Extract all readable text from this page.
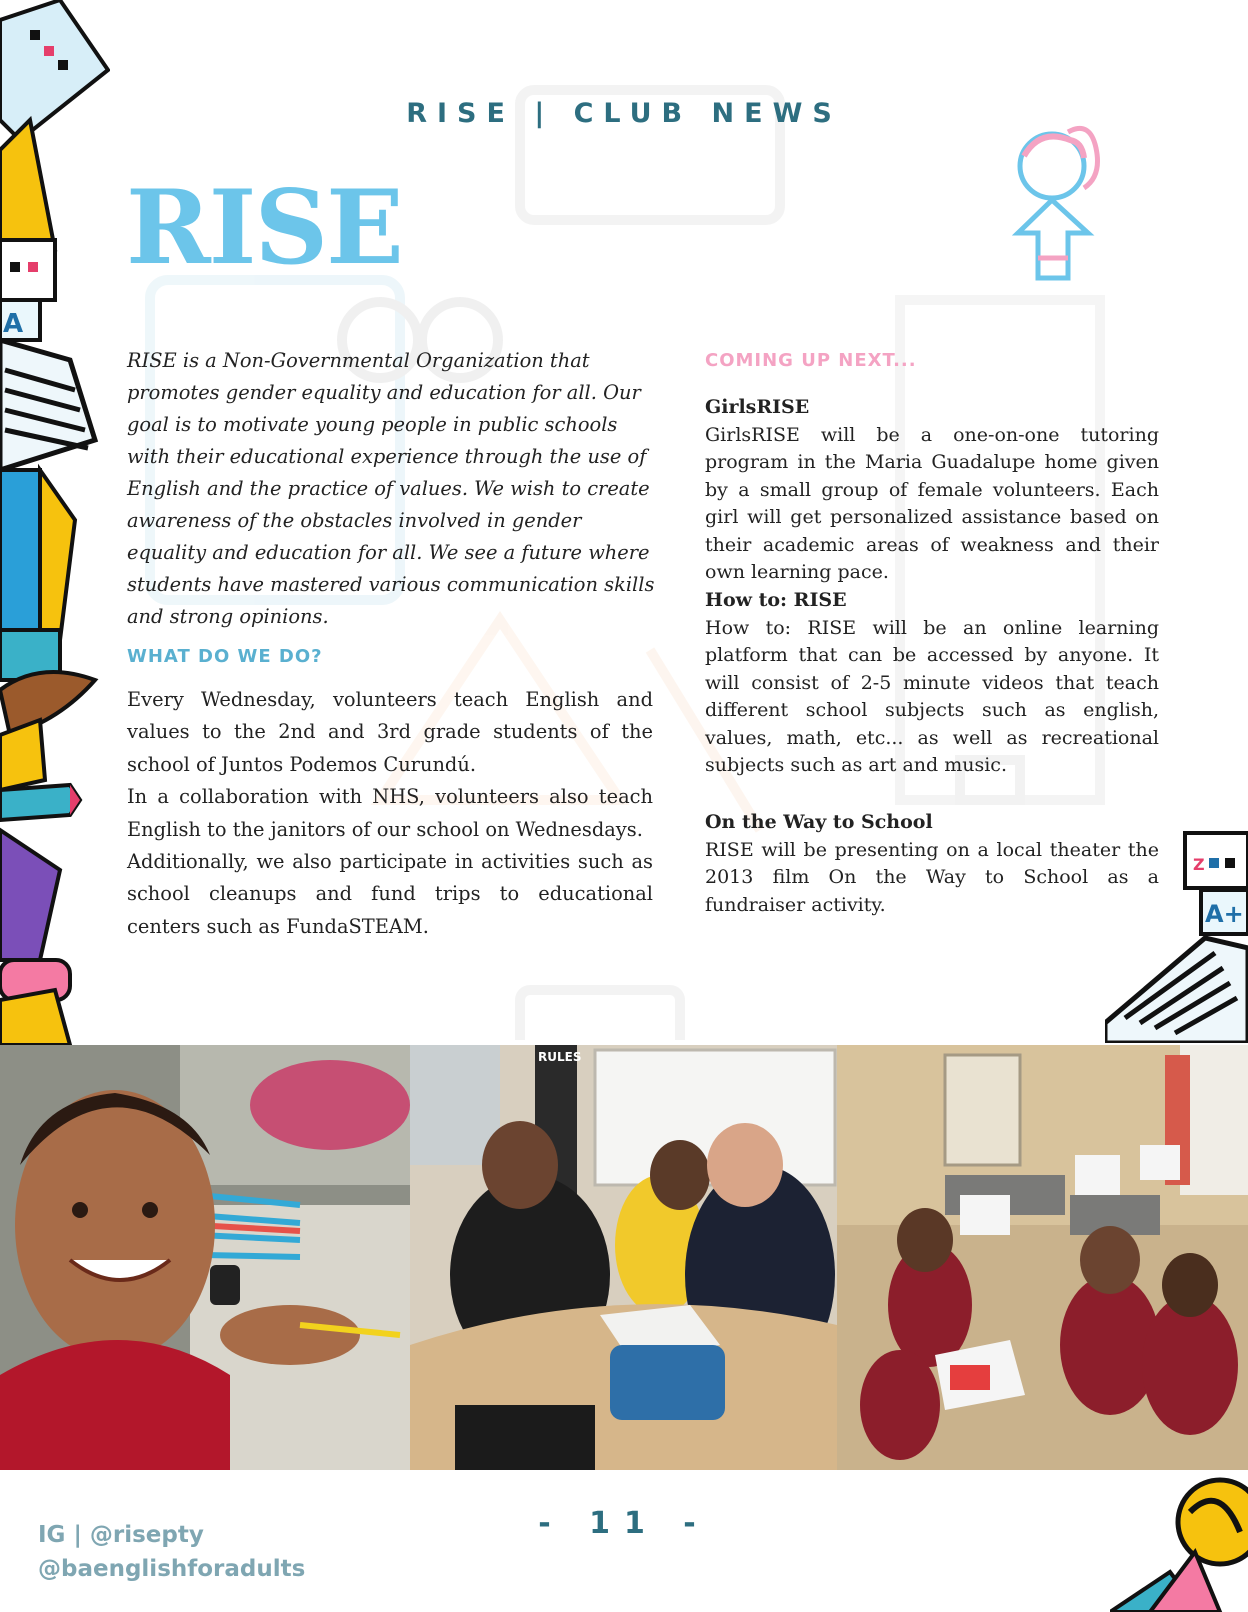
A
Z
A+
RISE | CLUB NEWS
RISE
RISE is a Non-Governmental Organization that promotes gender equality and education for all. Our goal is to motivate young people in public schools with their educational experience through the use of English and the practice of values. We wish to create awareness of the obstacles involved in gender equality and education for all. We see a future where students have mastered various communication skills and strong opinions.
WHAT DO WE DO?

Every Wednesday, volunteers teach English and values to the 2nd and 3rd grade students of the school of Juntos Podemos Curundú.

In a collaboration with NHS, volunteers also teach English to the janitors of our school on Wednesdays.

Additionally, we also participate in activities such as school cleanups and fund trips to educational centers such as FundaSTEAM.

COMING UP NEXT...
GirlsRISE

GirlsRISE will be a one-on-one tutoring program in the Maria Guadalupe home given by a small group of female volunteers. Each girl will get personalized assistance based on their academic areas of weakness and their own learning pace.

How to: RISE

How to: RISE will be an online learning platform that can be accessed by anyone. It will consist of 2-5 minute videos that teach different school subjects such as english, values, math, etc... as well as recreational subjects such as art and music.

On the Way to School

RISE will be presenting on a local theater the 2013 film On the Way to School as a fundraiser activity.

RULES
IG | @risepty
@baenglishforadults
- 11 -
